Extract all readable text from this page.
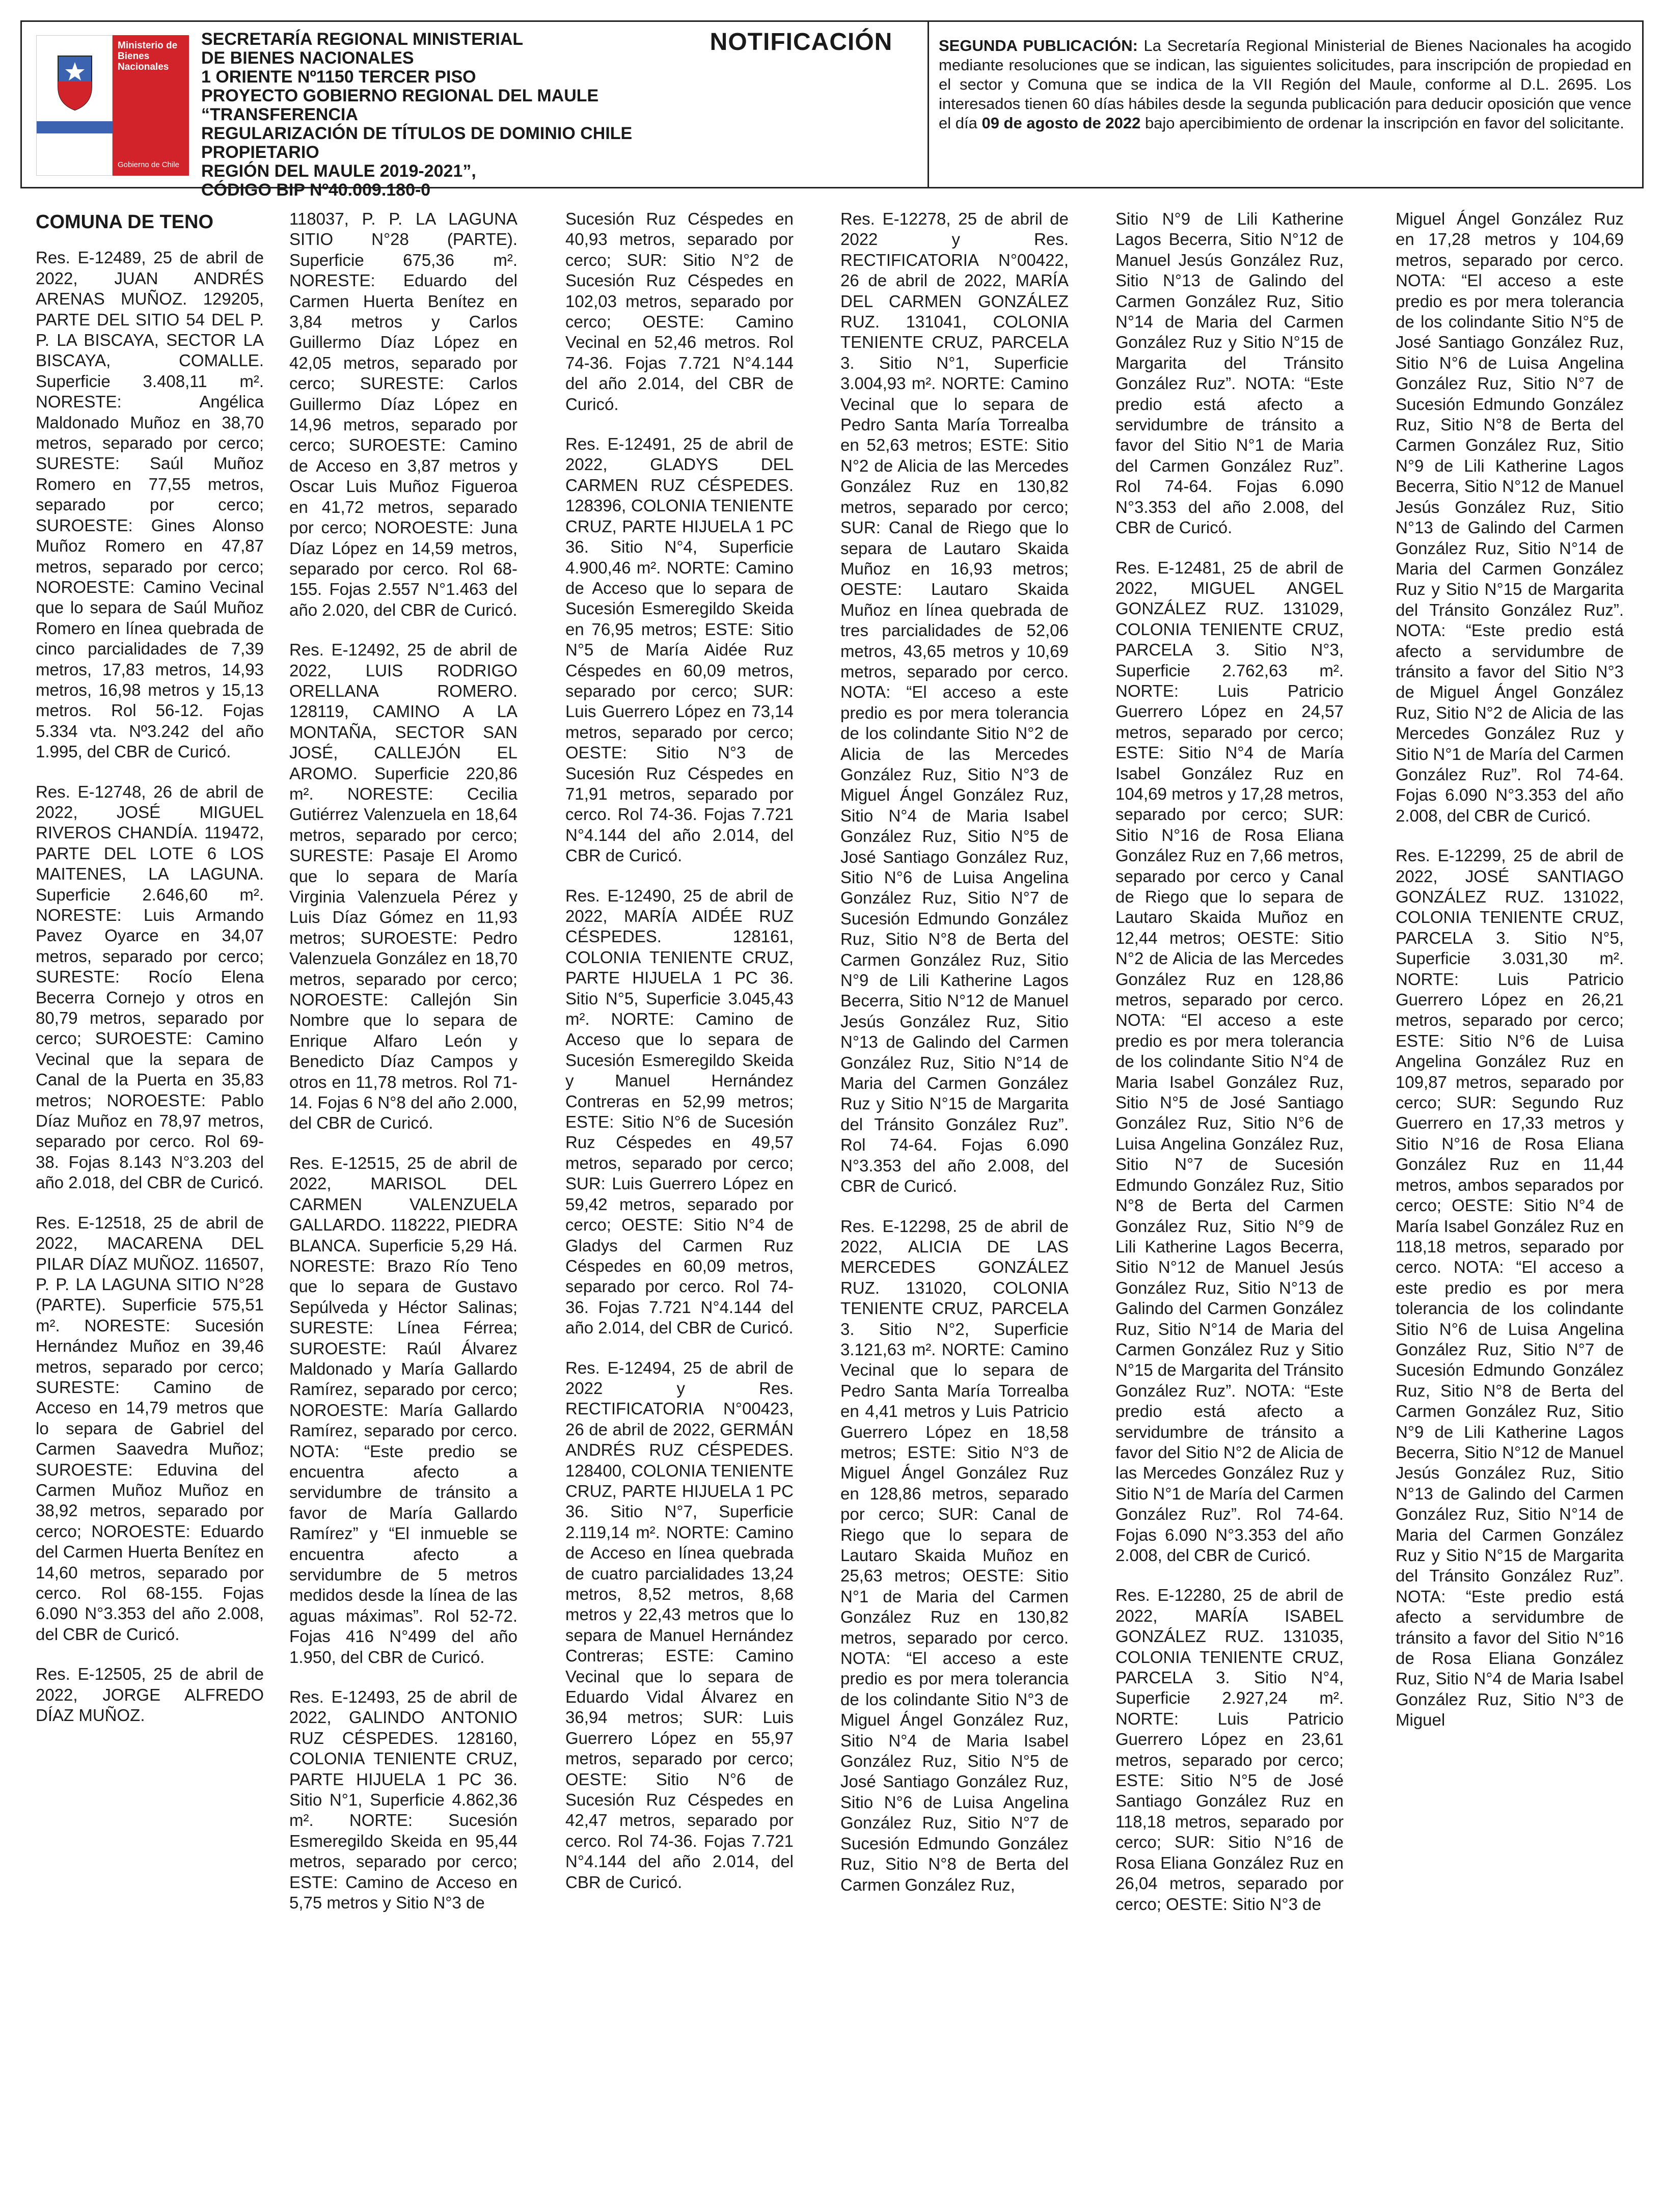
Ministerio de Bienes Nacionales
Gobierno de Chile
SECRETARÍA REGIONAL MINISTERIAL
DE BIENES NACIONALES
1 ORIENTE Nº1150 TERCER PISO
PROYECTO GOBIERNO REGIONAL DEL MAULE “TRANSFERENCIA
REGULARIZACIÓN DE TÍTULOS DE DOMINIO CHILE PROPIETARIO
REGIÓN DEL MAULE 2019-2021”,
CÓDIGO BIP Nº40.009.180-0
NOTIFICACIÓN	SEGUNDA PUBLICACIÓN: La Secretaría Regional Ministerial de Bienes Nacionales ha acogido mediante resoluciones que se indican, las siguientes solicitudes, para inscripción de propiedad en el sector y Comuna que se indica de la VII Región del Maule, conforme al D.L. 2695. Los interesados tienen 60 días hábiles desde la segunda publicación para deducir oposición que vence el día 09 de agosto de 2022 bajo apercibimiento de ordenar la inscripción en favor del solicitante.
COMUNA DE TENO

Res. E-12489, 25 de abril de 2022, JUAN ANDRÉS ARENAS MUÑOZ. 129205, PARTE DEL SITIO 54 DEL P. P. LA BISCAYA, SECTOR LA BISCAYA, COMALLE. Superficie 3.408,11 m². NORESTE: Angélica Maldonado Muñoz en 38,70 metros, separado por cerco; SURESTE: Saúl Muñoz Romero en 77,55 metros, separado por cerco; SUROESTE: Gines Alonso Muñoz Romero en 47,87 metros, separado por cerco; NOROESTE: Camino Vecinal que lo separa de Saúl Muñoz Romero en línea quebrada de cinco parcialidades de 7,39 metros, 17,83 metros, 14,93 metros, 16,98 metros y 15,13 metros. Rol 56-12. Fojas 5.334 vta. Nº3.242 del año 1.995, del CBR de Curicó.

Res. E-12748, 26 de abril de 2022, JOSÉ MIGUEL RIVEROS CHANDÍA. 119472, PARTE DEL LOTE 6 LOS MAITENES, LA LAGUNA. Superficie 2.646,60 m². NORESTE: Luis Armando Pavez Oyarce en 34,07 metros, separado por cerco; SURESTE: Rocío Elena Becerra Cornejo y otros en 80,79 metros, separado por cerco; SUROESTE: Camino Vecinal que la separa de Canal de la Puerta en 35,83 metros; NOROESTE: Pablo Díaz Muñoz en 78,97 metros, separado por cerco. Rol 69-38. Fojas 8.143 N°3.203 del año 2.018, del CBR de Curicó.

Res. E-12518, 25 de abril de 2022, MACARENA DEL PILAR DÍAZ MUÑOZ. 116507, P. P. LA LAGUNA SITIO N°28 (PARTE). Superficie 575,51 m². NORESTE: Sucesión Hernández Muñoz en 39,46 metros, separado por cerco; SURESTE: Camino de Acceso en 14,79 metros que lo separa de Gabriel del Carmen Saavedra Muñoz; SUROESTE: Eduvina del Carmen Muñoz Muñoz en 38,92 metros, separado por cerco; NOROESTE: Eduardo del Carmen Huerta Benítez en 14,60 metros, separado por cerco. Rol 68-155. Fojas 6.090 N°3.353 del año 2.008, del CBR de Curicó.

Res. E-12505, 25 de abril de 2022, JORGE ALFREDO DÍAZ MUÑOZ.

118037, P. P. LA LAGUNA SITIO N°28 (PARTE). Superficie 675,36 m². NORESTE: Eduardo del Carmen Huerta Benítez en 3,84 metros y Carlos Guillermo Díaz López en 42,05 metros, separado por cerco; SURESTE: Carlos Guillermo Díaz López en 14,96 metros, separado por cerco; SUROESTE: Camino de Acceso en 3,87 metros y Oscar Luis Muñoz Figueroa en 41,72 metros, separado por cerco; NOROESTE: Juna Díaz López en 14,59 metros, separado por cerco. Rol 68-155. Fojas 2.557 N°1.463 del año 2.020, del CBR de Curicó.

Res. E-12492, 25 de abril de 2022, LUIS RODRIGO ORELLANA ROMERO. 128119, CAMINO A LA MONTAÑA, SECTOR SAN JOSÉ, CALLEJÓN EL AROMO. Superficie 220,86 m². NORESTE: Cecilia Gutiérrez Valenzuela en 18,64 metros, separado por cerco; SURESTE: Pasaje El Aromo que lo separa de María Virginia Valenzuela Pérez y Luis Díaz Gómez en 11,93 metros; SUROESTE: Pedro Valenzuela González en 18,70 metros, separado por cerco; NOROESTE: Callejón Sin Nombre que lo separa de Enrique Alfaro León y Benedicto Díaz Campos y otros en 11,78 metros. Rol 71-14. Fojas 6 N°8 del año 2.000, del CBR de Curicó.

Res. E-12515, 25 de abril de 2022, MARISOL DEL CARMEN VALENZUELA GALLARDO. 118222, PIEDRA BLANCA. Superficie 5,29 Há. NORESTE: Brazo Río Teno que lo separa de Gustavo Sepúlveda y Héctor Salinas; SURESTE: Línea Férrea; SUROESTE: Raúl Álvarez Maldonado y María Gallardo Ramírez, separado por cerco; NOROESTE: María Gallardo Ramírez, separado por cerco. NOTA: “Este predio se encuentra afecto a servidumbre de tránsito a favor de María Gallardo Ramírez” y “El inmueble se encuentra afecto a servidumbre de 5 metros medidos desde la línea de las aguas máximas”. Rol 52-72. Fojas 416 N°499 del año 1.950, del CBR de Curicó.

Res. E-12493, 25 de abril de 2022, GALINDO ANTONIO RUZ CÉSPEDES. 128160, COLONIA TENIENTE CRUZ, PARTE HIJUELA 1 PC 36. Sitio N°1, Superficie 4.862,36 m². NORTE: Sucesión Esmeregildo Skeida en 95,44 metros, separado por cerco; ESTE: Camino de Acceso en 5,75 metros y Sitio N°3 de

Sucesión Ruz Céspedes en 40,93 metros, separado por cerco; SUR: Sitio N°2 de Sucesión Ruz Céspedes en 102,03 metros, separado por cerco; OESTE: Camino Vecinal en 52,46 metros. Rol 74-36. Fojas 7.721 N°4.144 del año 2.014, del CBR de Curicó.

Res. E-12491, 25 de abril de 2022, GLADYS DEL CARMEN RUZ CÉSPEDES. 128396, COLONIA TENIENTE CRUZ, PARTE HIJUELA 1 PC 36. Sitio N°4, Superficie 4.900,46 m². NORTE: Camino de Acceso que lo separa de Sucesión Esmeregildo Skeida en 76,95 metros; ESTE: Sitio N°5 de María Aidée Ruz Céspedes en 60,09 metros, separado por cerco; SUR: Luis Guerrero López en 73,14 metros, separado por cerco; OESTE: Sitio N°3 de Sucesión Ruz Céspedes en 71,91 metros, separado por cerco. Rol 74-36. Fojas 7.721 N°4.144 del año 2.014, del CBR de Curicó.

Res. E-12490, 25 de abril de 2022, MARÍA AIDÉE RUZ CÉSPEDES. 128161, COLONIA TENIENTE CRUZ, PARTE HIJUELA 1 PC 36. Sitio N°5, Superficie 3.045,43 m². NORTE: Camino de Acceso que lo separa de Sucesión Esmeregildo Skeida y Manuel Hernández Contreras en 52,99 metros; ESTE: Sitio N°6 de Sucesión Ruz Céspedes en 49,57 metros, separado por cerco; SUR: Luis Guerrero López en 59,42 metros, separado por cerco; OESTE: Sitio N°4 de Gladys del Carmen Ruz Céspedes en 60,09 metros, separado por cerco. Rol 74-36. Fojas 7.721 N°4.144 del año 2.014, del CBR de Curicó.

Res. E-12494, 25 de abril de 2022 y Res. RECTIFICATORIA N°00423, 26 de abril de 2022, GERMÁN ANDRÉS RUZ CÉSPEDES. 128400, COLONIA TENIENTE CRUZ, PARTE HIJUELA 1 PC 36. Sitio N°7, Superficie 2.119,14 m². NORTE: Camino de Acceso en línea quebrada de cuatro parcialidades 13,24 metros, 8,52 metros, 8,68 metros y 22,43 metros que lo separa de Manuel Hernández Contreras; ESTE: Camino Vecinal que lo separa de Eduardo Vidal Álvarez en 36,94 metros; SUR: Luis Guerrero López en 55,97 metros, separado por cerco; OESTE: Sitio N°6 de Sucesión Ruz Céspedes en 42,47 metros, separado por cerco. Rol 74-36. Fojas 7.721 N°4.144 del año 2.014, del CBR de Curicó.

Res. E-12278, 25 de abril de 2022 y Res. RECTIFICATORIA N°00422, 26 de abril de 2022, MARÍA DEL CARMEN GONZÁLEZ RUZ. 131041, COLONIA TENIENTE CRUZ, PARCELA 3. Sitio N°1, Superficie 3.004,93 m². NORTE: Camino Vecinal que lo separa de Pedro Santa María Torrealba en 52,63 metros; ESTE: Sitio N°2 de Alicia de las Mercedes González Ruz en 130,82 metros, separado por cerco; SUR: Canal de Riego que lo separa de Lautaro Skaida Muñoz en 16,93 metros; OESTE: Lautaro Skaida Muñoz en línea quebrada de tres parcialidades de 52,06 metros, 43,65 metros y 10,69 metros, separado por cerco. NOTA: “El acceso a este predio es por mera tolerancia de los colindante Sitio N°2 de Alicia de las Mercedes González Ruz, Sitio N°3 de Miguel Ángel González Ruz, Sitio N°4 de Maria Isabel González Ruz, Sitio N°5 de José Santiago González Ruz, Sitio N°6 de Luisa Angelina González Ruz, Sitio N°7 de Sucesión Edmundo González Ruz, Sitio N°8 de Berta del Carmen González Ruz, Sitio N°9 de Lili Katherine Lagos Becerra, Sitio N°12 de Manuel Jesús González Ruz, Sitio N°13 de Galindo del Carmen González Ruz, Sitio N°14 de Maria del Carmen González Ruz y Sitio N°15 de Margarita del Tránsito González Ruz”. Rol 74-64. Fojas 6.090 N°3.353 del año 2.008, del CBR de Curicó.

Res. E-12298, 25 de abril de 2022, ALICIA DE LAS MERCEDES GONZÁLEZ RUZ. 131020, COLONIA TENIENTE CRUZ, PARCELA 3. Sitio N°2, Superficie 3.121,63 m². NORTE: Camino Vecinal que lo separa de Pedro Santa María Torrealba en 4,41 metros y Luis Patricio Guerrero López en 18,58 metros; ESTE: Sitio N°3 de Miguel Ángel González Ruz en 128,86 metros, separado por cerco; SUR: Canal de Riego que lo separa de Lautaro Skaida Muñoz en 25,63 metros; OESTE: Sitio N°1 de Maria del Carmen González Ruz en 130,82 metros, separado por cerco. NOTA: “El acceso a este predio es por mera tolerancia de los colindante Sitio N°3 de Miguel Ángel González Ruz, Sitio N°4 de Maria Isabel González Ruz, Sitio N°5 de José Santiago González Ruz, Sitio N°6 de Luisa Angelina González Ruz, Sitio N°7 de Sucesión Edmundo González Ruz, Sitio N°8 de Berta del Carmen González Ruz,

Sitio N°9 de Lili Katherine Lagos Becerra, Sitio N°12 de Manuel Jesús González Ruz, Sitio N°13 de Galindo del Carmen González Ruz, Sitio N°14 de Maria del Carmen González Ruz y Sitio N°15 de Margarita del Tránsito González Ruz”. NOTA: “Este predio está afecto a servidumbre de tránsito a favor del Sitio N°1 de Maria del Carmen González Ruz”. Rol 74-64. Fojas 6.090 N°3.353 del año 2.008, del CBR de Curicó.

Res. E-12481, 25 de abril de 2022, MIGUEL ANGEL GONZÁLEZ RUZ. 131029, COLONIA TENIENTE CRUZ, PARCELA 3. Sitio N°3, Superficie 2.762,63 m². NORTE: Luis Patricio Guerrero López en 24,57 metros, separado por cerco; ESTE: Sitio N°4 de María Isabel González Ruz en 104,69 metros y 17,28 metros, separado por cerco; SUR: Sitio N°16 de Rosa Eliana González Ruz en 7,66 metros, separado por cerco y Canal de Riego que lo separa de Lautaro Skaida Muñoz en 12,44 metros; OESTE: Sitio N°2 de Alicia de las Mercedes González Ruz en 128,86 metros, separado por cerco. NOTA: “El acceso a este predio es por mera tolerancia de los colindante Sitio N°4 de Maria Isabel González Ruz, Sitio N°5 de José Santiago González Ruz, Sitio N°6 de Luisa Angelina González Ruz, Sitio N°7 de Sucesión Edmundo González Ruz, Sitio N°8 de Berta del Carmen González Ruz, Sitio N°9 de Lili Katherine Lagos Becerra, Sitio N°12 de Manuel Jesús González Ruz, Sitio N°13 de Galindo del Carmen González Ruz, Sitio N°14 de Maria del Carmen González Ruz y Sitio N°15 de Margarita del Tránsito González Ruz”. NOTA: “Este predio está afecto a servidumbre de tránsito a favor del Sitio N°2 de Alicia de las Mercedes González Ruz y Sitio N°1 de María del Carmen González Ruz”. Rol 74-64. Fojas 6.090 N°3.353 del año 2.008, del CBR de Curicó.

Res. E-12280, 25 de abril de 2022, MARÍA ISABEL GONZÁLEZ RUZ. 131035, COLONIA TENIENTE CRUZ, PARCELA 3. Sitio N°4, Superficie 2.927,24 m². NORTE: Luis Patricio Guerrero López en 23,61 metros, separado por cerco; ESTE: Sitio N°5 de José Santiago González Ruz en 118,18 metros, separado por cerco; SUR: Sitio N°16 de Rosa Eliana González Ruz en 26,04 metros, separado por cerco; OESTE: Sitio N°3 de

Miguel Ángel González Ruz en 17,28 metros y 104,69 metros, separado por cerco. NOTA: “El acceso a este predio es por mera tolerancia de los colindante Sitio N°5 de José Santiago González Ruz, Sitio N°6 de Luisa Angelina González Ruz, Sitio N°7 de Sucesión Edmundo González Ruz, Sitio N°8 de Berta del Carmen González Ruz, Sitio N°9 de Lili Katherine Lagos Becerra, Sitio N°12 de Manuel Jesús González Ruz, Sitio N°13 de Galindo del Carmen González Ruz, Sitio N°14 de Maria del Carmen González Ruz y Sitio N°15 de Margarita del Tránsito González Ruz”. NOTA: “Este predio está afecto a servidumbre de tránsito a favor del Sitio N°3 de Miguel Ángel González Ruz, Sitio N°2 de Alicia de las Mercedes González Ruz y Sitio N°1 de María del Carmen González Ruz”. Rol 74-64. Fojas 6.090 N°3.353 del año 2.008, del CBR de Curicó.

Res. E-12299, 25 de abril de 2022, JOSÉ SANTIAGO GONZÁLEZ RUZ. 131022, COLONIA TENIENTE CRUZ, PARCELA 3. Sitio N°5, Superficie 3.031,30 m². NORTE: Luis Patricio Guerrero López en 26,21 metros, separado por cerco; ESTE: Sitio N°6 de Luisa Angelina González Ruz en 109,87 metros, separado por cerco; SUR: Segundo Ruz Guerrero en 17,33 metros y Sitio N°16 de Rosa Eliana González Ruz en 11,44 metros, ambos separados por cerco; OESTE: Sitio N°4 de María Isabel González Ruz en 118,18 metros, separado por cerco. NOTA: “El acceso a este predio es por mera tolerancia de los colindante Sitio N°6 de Luisa Angelina González Ruz, Sitio N°7 de Sucesión Edmundo González Ruz, Sitio N°8 de Berta del Carmen González Ruz, Sitio N°9 de Lili Katherine Lagos Becerra, Sitio N°12 de Manuel Jesús González Ruz, Sitio N°13 de Galindo del Carmen González Ruz, Sitio N°14 de Maria del Carmen González Ruz y Sitio N°15 de Margarita del Tránsito González Ruz”. NOTA: “Este predio está afecto a servidumbre de tránsito a favor del Sitio N°16 de Rosa Eliana González Ruz, Sitio N°4 de Maria Isabel González Ruz, Sitio N°3 de Miguel
